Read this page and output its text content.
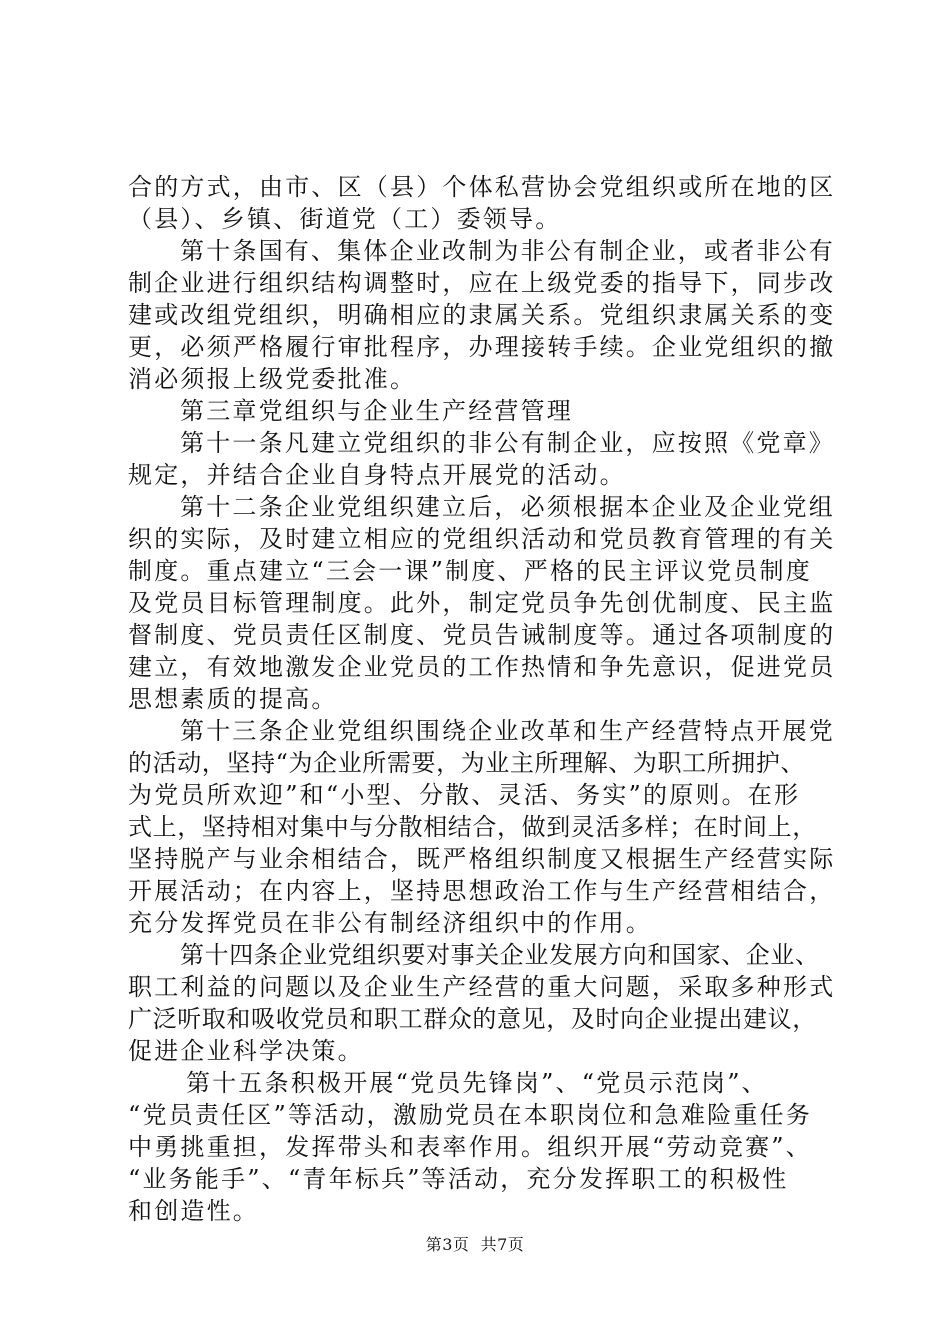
合的方式，由市、区（县）个体私营协会党组织或所在地的区
（县）、乡镇、街道党（工）委领导。
第十条国有、集体企业改制为非公有制企业，或者非公有
制企业进行组织结构调整时，应在上级党委的指导下，同步改
建或改组党组织，明确相应的隶属关系。党组织隶属关系的变
更，必须严格履行审批程序，办理接转手续。企业党组织的撤
消必须报上级党委批准。
第三章党组织与企业生产经营管理
第十一条凡建立党组织的非公有制企业，应按照《党章》
规定，并结合企业自身特点开展党的活动。
第十二条企业党组织建立后，必须根据本企业及企业党组
织的实际，及时建立相应的党组织活动和党员教育管理的有关
制度。重点建立“三会一课”制度、严格的民主评议党员制度
及党员目标管理制度。此外，制定党员争先创优制度、民主监
督制度、党员责任区制度、党员告诫制度等。通过各项制度的
建立，有效地激发企业党员的工作热情和争先意识，促进党员
思想素质的提高。
第十三条企业党组织围绕企业改革和生产经营特点开展党
的活动，坚持“为企业所需要，为业主所理解、为职工所拥护、
为党员所欢迎”和“小型、分散、灵活、务实”的原则。在形
式上，坚持相对集中与分散相结合，做到灵活多样；在时间上，
坚持脱产与业余相结合，既严格组织制度又根据生产经营实际
开展活动；在内容上，坚持思想政治工作与生产经营相结合，
充分发挥党员在非公有制经济组织中的作用。
第十四条企业党组织要对事关企业发展方向和国家、企业、
职工利益的问题以及企业生产经营的重大问题，采取多种形式
广泛听取和吸收党员和职工群众的意见，及时向企业提出建议，
促进企业科学决策。
第十五条积极开展“党员先锋岗”、“党员示范岗”、
“党员责任区”等活动，激励党员在本职岗位和急难险重任务
中勇挑重担，发挥带头和表率作用。组织开展“劳动竞赛”、
“业务能手”、“青年标兵”等活动，充分发挥职工的积极性
和创造性。
第3页  共7页
